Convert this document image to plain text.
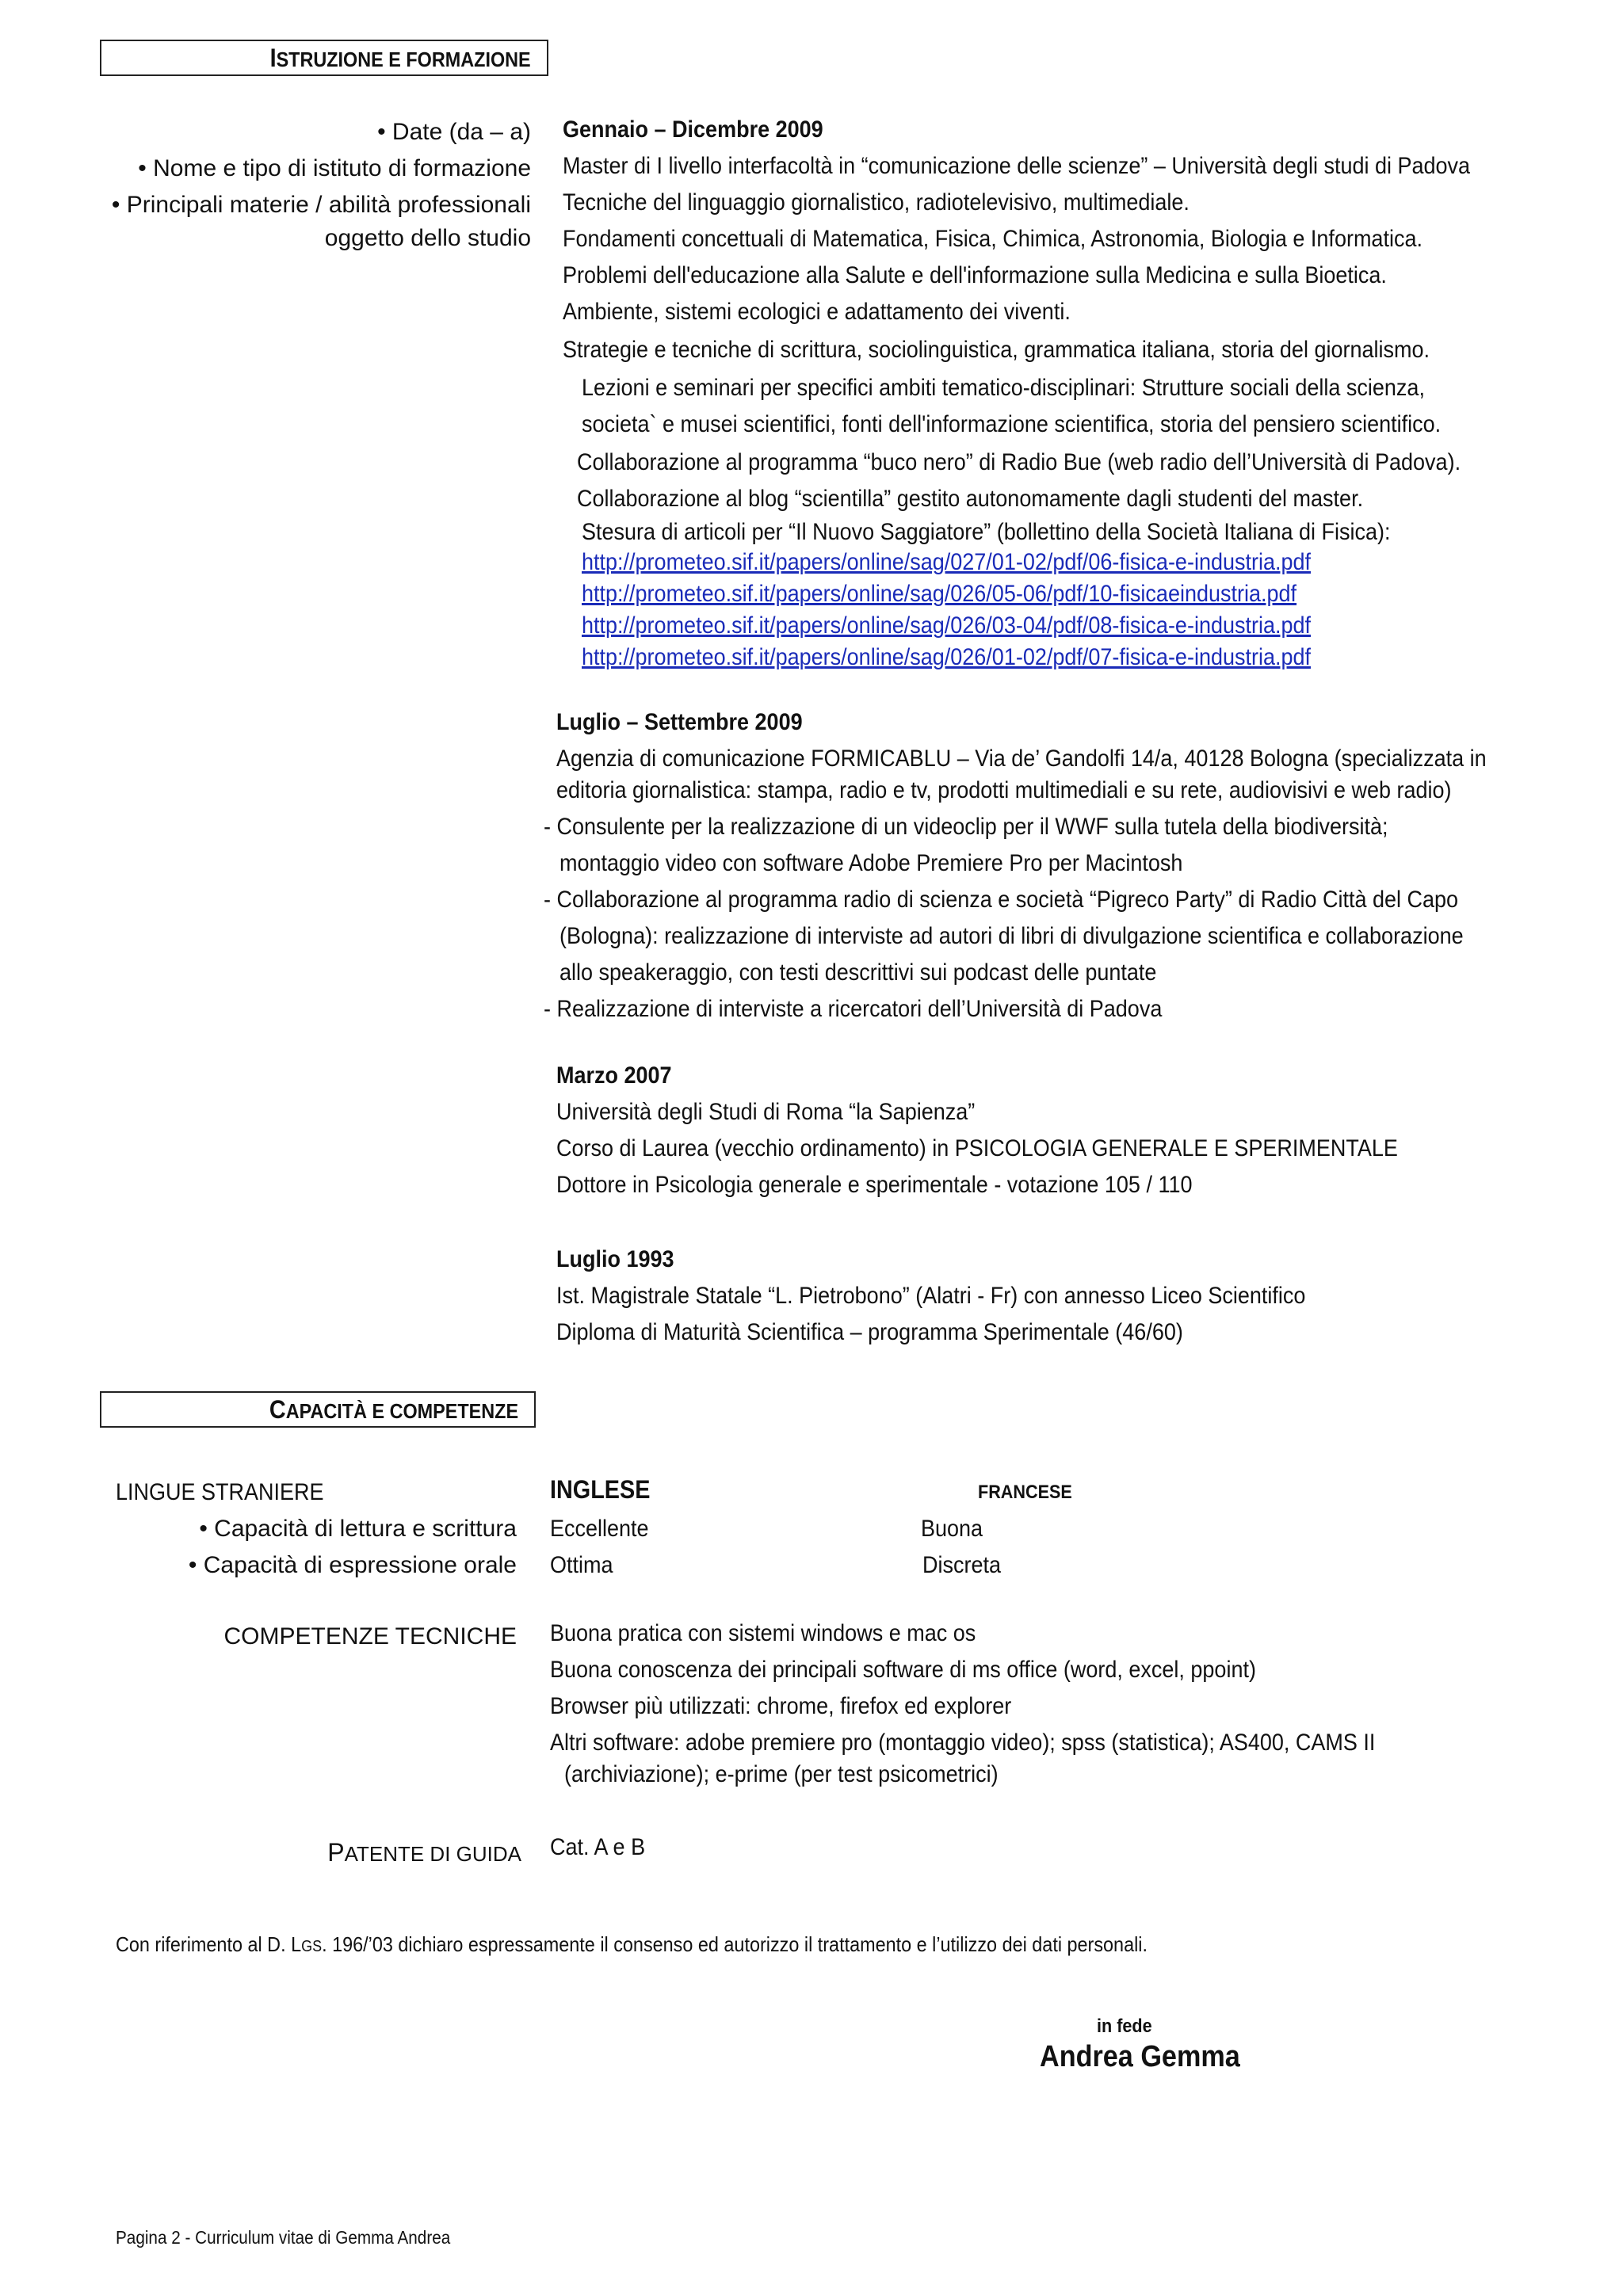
ISTRUZIONE E FORMAZIONE
• Date (da – a)
• Nome e tipo di istituto di formazione
• Principali materie / abilità professionali
oggetto dello studio
Gennaio – Dicembre 2009
Master di I livello interfacoltà in “comunicazione delle scienze” – Università degli studi di Padova
Tecniche del linguaggio giornalistico, radiotelevisivo, multimediale.
Fondamenti concettuali di Matematica, Fisica, Chimica, Astronomia, Biologia e Informatica.
Problemi dell'educazione alla Salute e dell'informazione sulla Medicina e sulla Bioetica.
Ambiente, sistemi ecologici e adattamento dei viventi.
Strategie e tecniche di scrittura, sociolinguistica, grammatica italiana, storia del giornalismo.
Lezioni e seminari per specifici ambiti tematico-disciplinari: Strutture sociali della scienza,
societa` e musei scientifici, fonti dell'informazione scientifica, storia del pensiero scientifico.
Collaborazione al programma “buco nero” di Radio Bue (web radio dell’Università di Padova).
Collaborazione al blog “scientilla” gestito autonomamente dagli studenti del master.
Stesura di articoli per “Il Nuovo Saggiatore” (bollettino della Società Italiana di Fisica):
http://prometeo.sif.it/papers/online/sag/027/01-02/pdf/06-fisica-e-industria.pdf
http://prometeo.sif.it/papers/online/sag/026/05-06/pdf/10-fisicaeindustria.pdf
http://prometeo.sif.it/papers/online/sag/026/03-04/pdf/08-fisica-e-industria.pdf
http://prometeo.sif.it/papers/online/sag/026/01-02/pdf/07-fisica-e-industria.pdf
Luglio – Settembre 2009
Agenzia di comunicazione FORMICABLU – Via de’ Gandolfi 14/a, 40128 Bologna (specializzata in
editoria giornalistica: stampa, radio e tv, prodotti multimediali e su rete, audiovisivi e web radio)
- Consulente per la realizzazione di un videoclip per il WWF sulla tutela della biodiversità;
montaggio video con software Adobe Premiere Pro per Macintosh
- Collaborazione al programma radio di scienza e società “Pigreco Party” di Radio Città del Capo
(Bologna): realizzazione di interviste ad autori di libri di divulgazione scientifica e collaborazione
allo speakeraggio, con testi descrittivi sui podcast delle puntate
- Realizzazione di interviste a ricercatori dell’Università di Padova
Marzo 2007
Università degli Studi di Roma “la Sapienza”
Corso di Laurea (vecchio ordinamento) in PSICOLOGIA GENERALE E SPERIMENTALE
Dottore in Psicologia generale e sperimentale - votazione 105 / 110
Luglio 1993
Ist. Magistrale Statale “L. Pietrobono” (Alatri - Fr) con annesso Liceo Scientifico
Diploma di Maturità Scientifica – programma Sperimentale (46/60)
CAPACITÀ E COMPETENZE
LINGUE STRANIERE	INGLESE	FRANCESE
• Capacità di lettura e scrittura Eccellente	Buona
• Capacità di espressione orale Ottima	Discreta
COMPETENZE TECNICHE Buona pratica con sistemi windows e mac os
Buona conoscenza dei principali software di ms office (word, excel, ppoint)
Browser più utilizzati: chrome, firefox ed explorer
Altri software: adobe premiere pro (montaggio video); spss (statistica); AS400, CAMS II
(archiviazione); e-prime (per test psicometrici)
PATENTE DI GUIDA Cat. A e B
Con riferimento al D. LGS. 196/’03 dichiaro espressamente il consenso ed autorizzo il trattamento e l’utilizzo dei dati personali.
in fede
Andrea Gemma
Pagina 2 - Curriculum vitae di Gemma Andrea
